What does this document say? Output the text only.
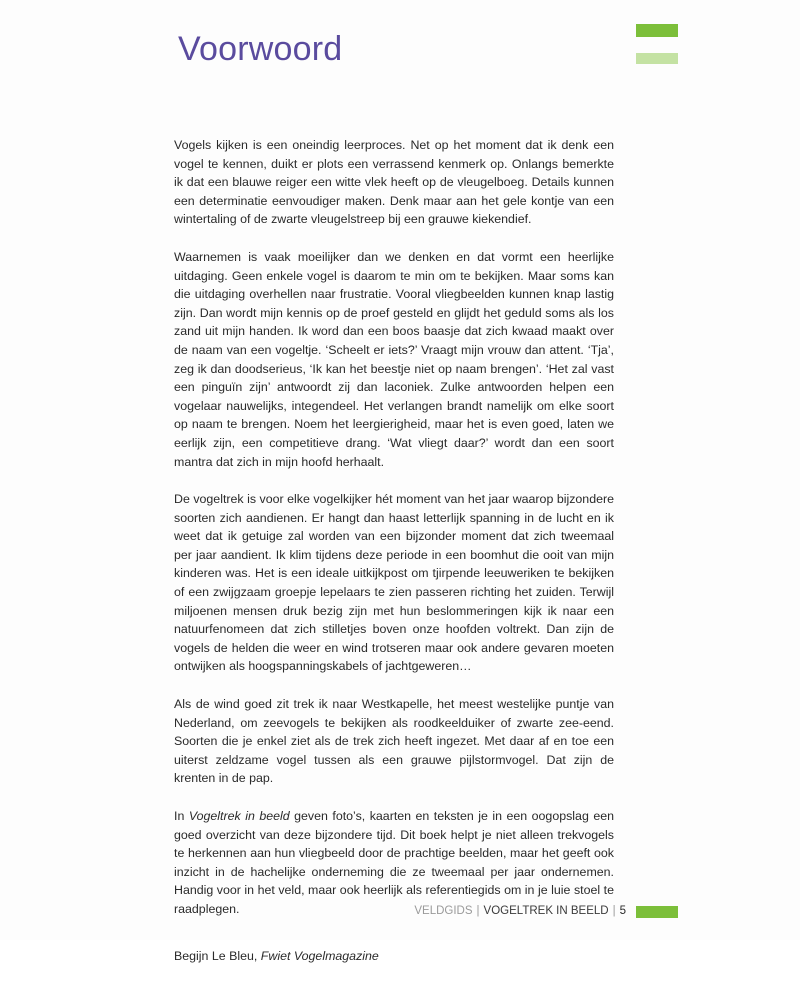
Voorwoord

Vogels kijken is een oneindig leerproces. Net op het moment dat ik denk een vogel te kennen, duikt er plots een verrassend kenmerk op. Onlangs bemerkte ik dat een blauwe reiger een witte vlek heeft op de vleugelboeg. Details kunnen een determinatie eenvoudiger maken. Denk maar aan het gele kontje van een wintertaling of de zwarte vleugelstreep bij een grauwe kiekendief.

Waarnemen is vaak moeilijker dan we denken en dat vormt een heerlijke uitdaging. Geen enkele vogel is daarom te min om te bekijken. Maar soms kan die uitdaging overhellen naar frustratie. Vooral vliegbeelden kunnen knap lastig zijn. Dan wordt mijn kennis op de proef gesteld en glijdt het geduld soms als los zand uit mijn handen. Ik word dan een boos baasje dat zich kwaad maakt over de naam van een vogeltje. ‘Scheelt er iets?’ Vraagt mijn vrouw dan attent. ‘Tja’, zeg ik dan doodserieus, ‘Ik kan het beestje niet op naam brengen’. ‘Het zal vast een pinguïn zijn’ antwoordt zij dan laconiek. Zulke antwoorden helpen een vogelaar nauwelijks, integendeel. Het verlangen brandt namelijk om elke soort op naam te brengen. Noem het leergierigheid, maar het is even goed, laten we eerlijk zijn, een competitieve drang. ‘Wat vliegt daar?’ wordt dan een soort mantra dat zich in mijn hoofd herhaalt.

De vogeltrek is voor elke vogelkijker hét moment van het jaar waarop bijzondere soorten zich aandienen. Er hangt dan haast letterlijk spanning in de lucht en ik weet dat ik getuige zal worden van een bijzonder moment dat zich tweemaal per jaar aandient. Ik klim tijdens deze periode in een boomhut die ooit van mijn kinderen was. Het is een ideale uitkijkpost om tjirpende leeuweriken te bekijken of een zwijgzaam groepje lepelaars te zien passeren richting het zuiden. Terwijl miljoenen mensen druk bezig zijn met hun beslommeringen kijk ik naar een natuurfenomeen dat zich stilletjes boven onze hoofden voltrekt. Dan zijn de vogels de helden die weer en wind trotseren maar ook andere gevaren moeten ontwijken als hoogspanningskabels of jachtgeweren…

Als de wind goed zit trek ik naar Westkapelle, het meest westelijke puntje van Nederland, om zeevogels te bekijken als roodkeelduiker of zwarte zee-eend. Soorten die je enkel ziet als de trek zich heeft ingezet. Met daar af en toe een uiterst zeldzame vogel tussen als een grauwe pijlstormvogel. Dat zijn de krenten in de pap.

In Vogeltrek in beeld geven foto’s, kaarten en teksten je in een oogopslag een goed overzicht van deze bijzondere tijd. Dit boek helpt je niet alleen trekvogels te herkennen aan hun vliegbeeld door de prachtige beelden, maar het geeft ook inzicht in de hachelijke onderneming die ze tweemaal per jaar ondernemen. Handig voor in het veld, maar ook heerlijk als referentiegids om in je luie stoel te raadplegen.

Begijn Le Bleu, Fwiet Vogelmagazine

VELDGIDS | VOGELTREK IN BEELD | 5
